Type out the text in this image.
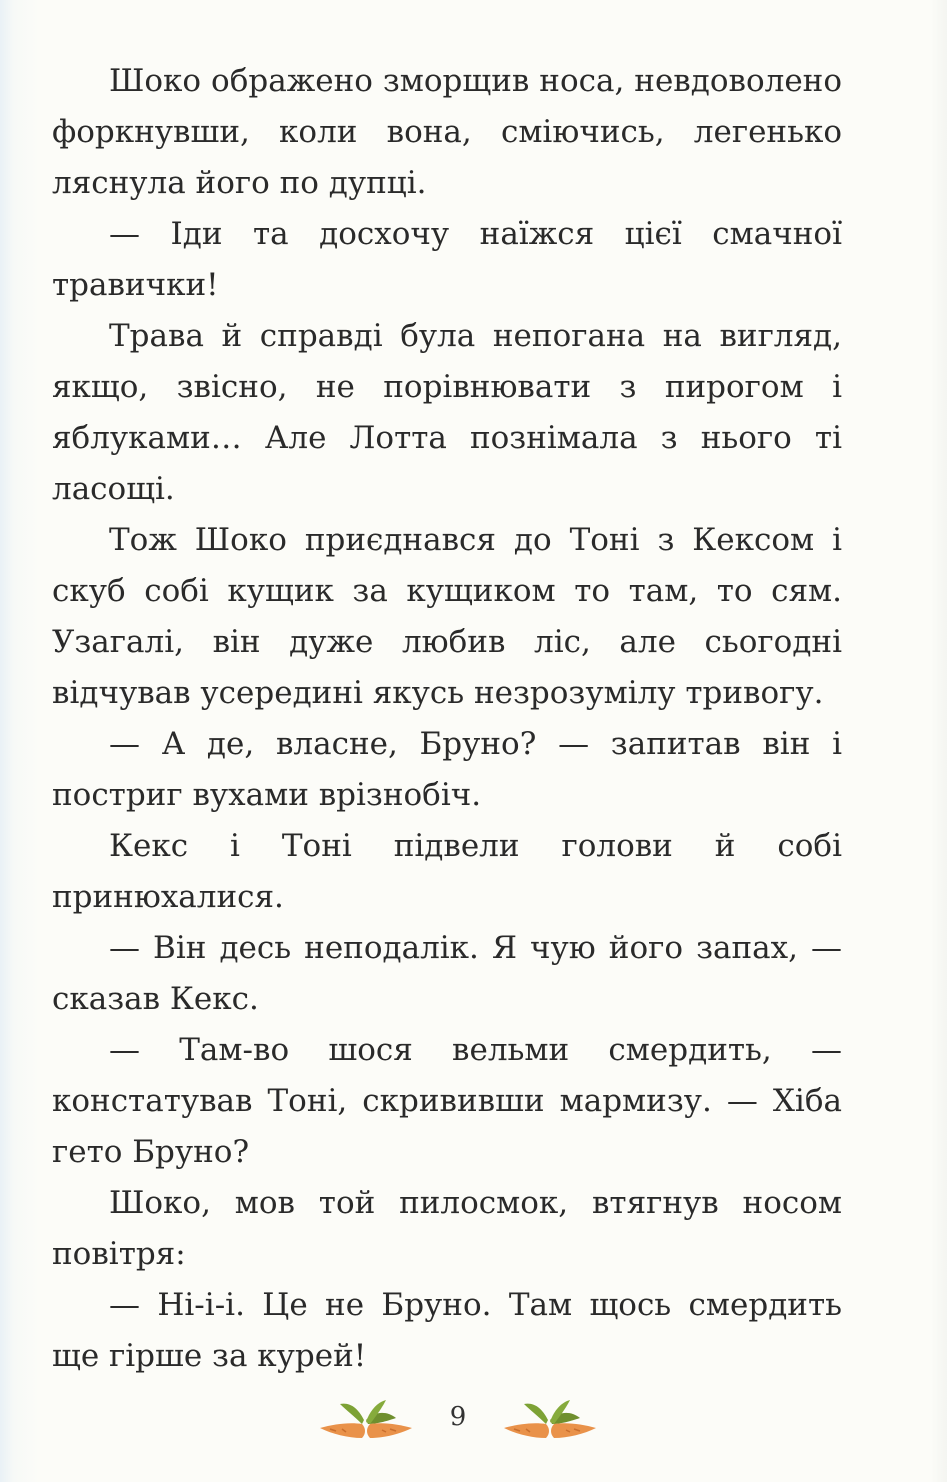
Шоко ображено зморщив носа, невдоволено форкнувши, коли вона, сміючись, легенько ляснула його по дупці.

— Іди та досхочу наїжся цієї смачної травички!

Трава й справді була непогана на вигляд, якщо, звісно, не порівнювати з пирогом і яблуками… Але Лотта познімала з нього ті ласощі.

Тож Шоко приєднався до Тоні з Кексом і скуб собі кущик за кущиком то там, то сям. Узагалі, він дуже любив ліс, але сьогодні відчував усередині якусь незрозумілу тривогу.

— А де, власне, Бруно? — запитав він і постриг вухами врізнобіч.

Кекс і Тоні підвели голови й собі принюхалися.

— Він десь неподалік. Я чую його запах, — сказав Кекс.

— Там-во шося вельми смердить, — констатував Тоні, скрививши мармизу. — Хіба гето Бруно?

Шоко, мов той пилосмок, втягнув носом повітря:

— Ні-і-і. Це не Бруно. Там щось смердить ще гірше за курей!

9
